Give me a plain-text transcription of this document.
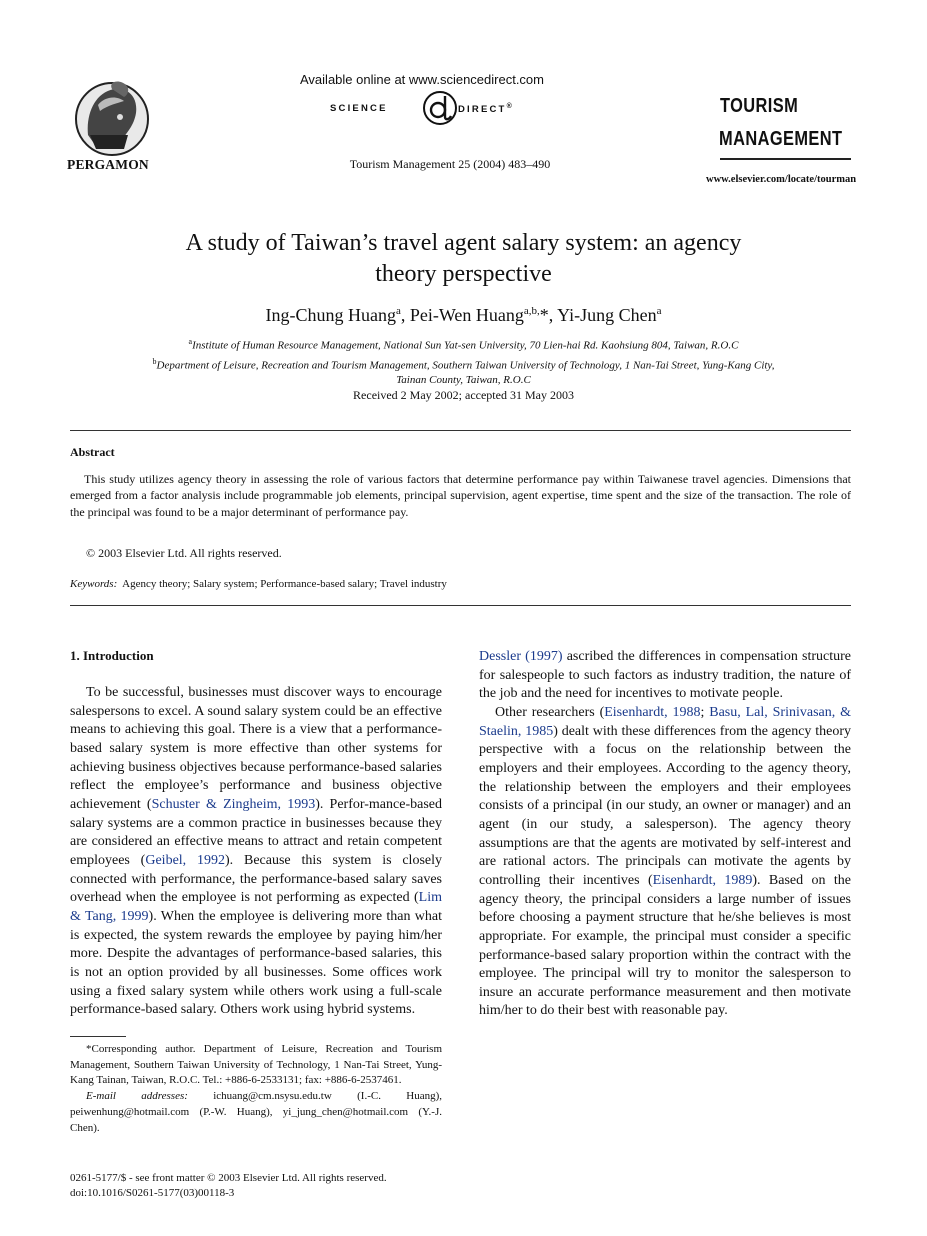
PERGAMON
Available online at www.sciencedirect.com
SCIENCE	DIRECT®
Tourism Management 25 (2004) 483–490
TOURISM
MANAGEMENT
www.elsevier.com/locate/tourman
A study of Taiwan’s travel agent salary system: an agency
theory perspective
Ing-Chung Huang$^a$, Pei-Wen Huang$^{a,b,}$*, Yi-Jung Chen$^a$
$^a$Institute of Human Resource Management, National Sun Yat-sen University, 70 Lien-hai Rd. Kaohsiung 804, Taiwan, R.O.C
$^b$Department of Leisure, Recreation and Tourism Management, Southern Taiwan University of Technology, 1 Nan-Tai Street, Yung-Kang City,
Tainan County, Taiwan, R.O.C
Received 2 May 2002; accepted 31 May 2003
Abstract
This study utilizes agency theory in assessing the role of various factors that determine performance pay within Taiwanese travel agencies. Dimensions that emerged from a factor analysis include programmable job elements, principal supervision, agent expertise, time spent and the size of the transaction. The role of the principal was found to be a major determinant of performance pay.
© 2003 Elsevier Ltd. All rights reserved.
Keywords: Agency theory; Salary system; Performance-based salary; Travel industry
1. Introduction

To be successful, businesses must discover ways to encourage salespersons to excel. A sound salary system could be an effective means to achieving this goal. There is a view that a performance-based salary system is more effective than other systems for achieving business objectives because performance-based salaries reflect the employee’s performance and business objective achievement (Schuster & Zingheim, 1993). Perfor-mance-based salary systems are a common practice in businesses because they are considered an effective means to attract and retain competent employees (Geibel, 1992). Because this system is closely connected with performance, the performance-based salary saves overhead when the employee is not performing as expected (Lim & Tang, 1999). When the employee is delivering more than what is expected, the system rewards the employee by paying him/her more. Despite the advantages of performance-based salaries, this is not an option provided by all businesses. Some offices work using a fixed salary system while others work using a full-scale performance-based salary. Others work using hybrid systems.

Dessler (1997) ascribed the differences in compensation structure for salespeople to such factors as industry tradition, the nature of the job and the need for incentives to motivate people.

Other researchers (Eisenhardt, 1988; Basu, Lal, Srinivasan, & Staelin, 1985) dealt with these differences from the agency theory perspective with a focus on the relationship between the employers and their employees. According to the agency theory, the relationship between the employers and their employees consists of a principal (in our study, an owner or manager) and an agent (in our study, a salesperson). The agency theory assumptions are that the agents are motivated by self-interest and are rational actors. The principals can motivate the agents by controlling their incentives (Eisenhardt, 1989). Based on the agency theory, the principal considers a large number of issues before choosing a payment structure that he/she believes is most appropriate. For example, the principal must consider a specific performance-based salary proportion within the contract with the employee. The principal will try to monitor the salesperson to insure an accurate performance measurement and then motivate him/her to do their best with reasonable pay.

*Corresponding author. Department of Leisure, Recreation and Tourism Management, Southern Taiwan University of Technology, 1 Nan-Tai Street, Yung-Kang Tainan, Taiwan, R.O.C. Tel.: +886-6-2533131; fax: +886-6-2537461.

E-mail addresses: ichuang@cm.nsysu.edu.tw (I.-C. Huang), peiwenhung@hotmail.com (P.-W. Huang), yi_jung_chen@hotmail.com (Y.-J. Chen).

0261-5177/$ - see front matter © 2003 Elsevier Ltd. All rights reserved.
doi:10.1016/S0261-5177(03)00118-3
